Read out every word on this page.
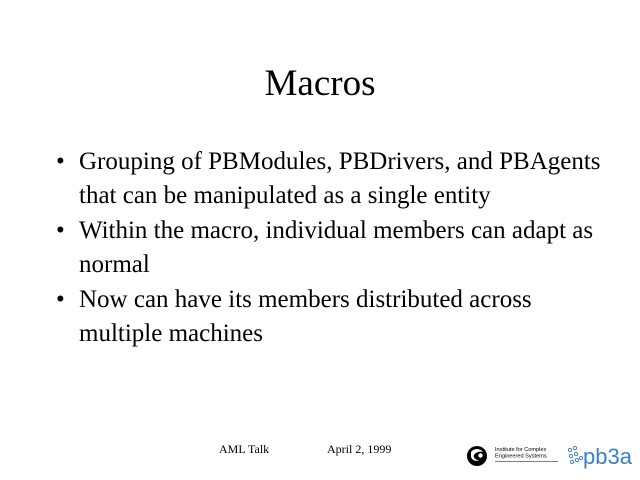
Macros
• Grouping of PBModules, PBDrivers, and PBAgents that can be manipulated as a single entity
• Within the macro, individual members can adapt as normal
• Now can have its members distributed across multiple machines
AML Talk	April 2, 1999	Institute for Complex
Engineered Systems pb3a
